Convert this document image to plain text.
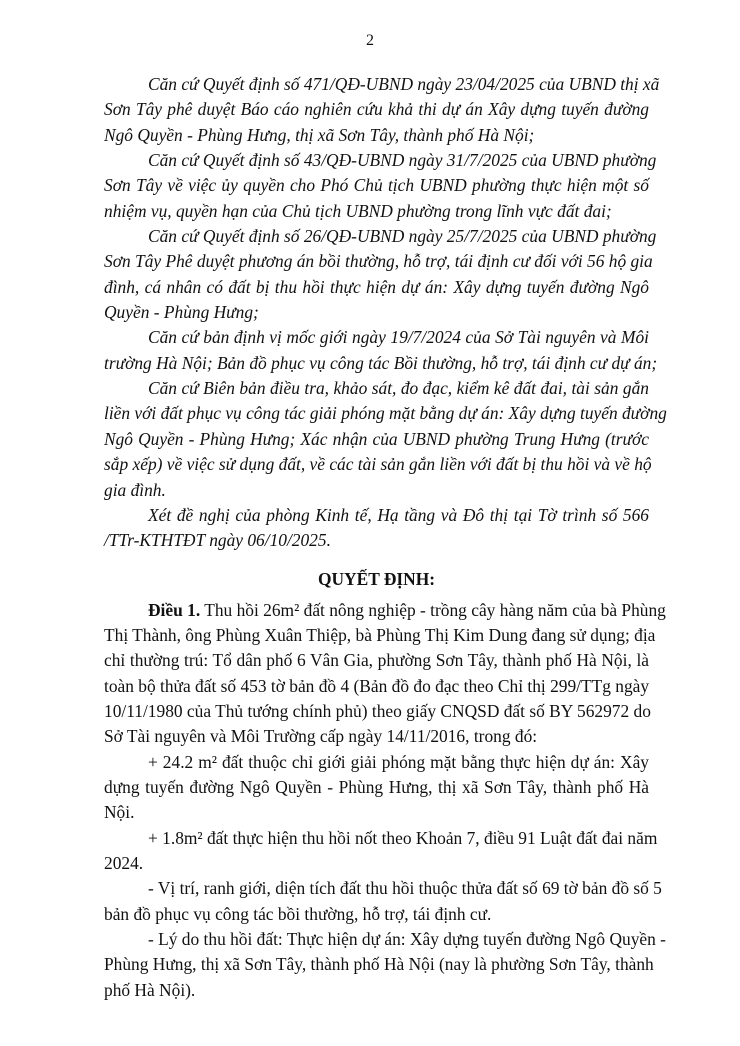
2
Căn cứ Quyết định số 471/QĐ-UBND ngày 23/04/2025 của UBND thị xã
Sơn Tây phê duyệt Báo cáo nghiên cứu khả thi dự án Xây dựng tuyến đường
Ngô Quyền - Phùng Hưng, thị xã Sơn Tây, thành phố Hà Nội;
Căn cứ Quyết định số 43/QĐ-UBND ngày 31/7/2025 của UBND phường
Sơn Tây về việc ủy quyền cho Phó Chủ tịch UBND phường thực hiện một số
nhiệm vụ, quyền hạn của Chủ tịch UBND phường trong lĩnh vực đất đai;
Căn cứ Quyết định số 26/QĐ-UBND ngày 25/7/2025 của UBND phường
Sơn Tây Phê duyệt phương án bồi thường, hỗ trợ, tái định cư đối với 56 hộ gia
đình, cá nhân có đất bị thu hồi thực hiện dự án: Xây dựng tuyến đường Ngô
Quyền - Phùng Hưng;
Căn cứ bản định vị mốc giới ngày 19/7/2024 của Sở Tài nguyên và Môi
trường Hà Nội; Bản đồ phục vụ công tác Bồi thường, hỗ trợ, tái định cư dự án;
Căn cứ Biên bản điều tra, khảo sát, đo đạc, kiểm kê đất đai, tài sản gắn
liền với đất phục vụ công tác giải phóng mặt bằng dự án: Xây dựng tuyến đường
Ngô Quyền - Phùng Hưng; Xác nhận của UBND phường Trung Hưng (trước
sắp xếp) về việc sử dụng đất, về các tài sản gắn liền với đất bị thu hồi và về hộ
gia đình.
Xét đề nghị của phòng Kinh tế, Hạ tầng và Đô thị tại Tờ trình số 566
/TTr-KTHTĐT ngày 06/10/2025.
QUYẾT ĐỊNH:
Điều 1. Thu hồi 26m² đất nông nghiệp - trồng cây hàng năm của bà Phùng
Thị Thành, ông Phùng Xuân Thiệp, bà Phùng Thị Kim Dung đang sử dụng; địa
chỉ thường trú: Tổ dân phố 6 Vân Gia, phường Sơn Tây, thành phố Hà Nội, là
toàn bộ thửa đất số 453 tờ bản đồ 4 (Bản đồ đo đạc theo Chỉ thị 299/TTg ngày
10/11/1980 của Thủ tướng chính phủ) theo giấy CNQSD đất số BY 562972 do
Sở Tài nguyên và Môi Trường cấp ngày 14/11/2016, trong đó:
+ 24.2 m² đất thuộc chỉ giới giải phóng mặt bằng thực hiện dự án: Xây
dựng tuyến đường Ngô Quyền - Phùng Hưng, thị xã Sơn Tây, thành phố Hà
Nội.
+ 1.8m² đất thực hiện thu hồi nốt theo Khoản 7, điều 91 Luật đất đai năm
2024.
- Vị trí, ranh giới, diện tích đất thu hồi thuộc thửa đất số 69 tờ bản đồ số 5
bản đồ phục vụ công tác bồi thường, hỗ trợ, tái định cư.
- Lý do thu hồi đất: Thực hiện dự án: Xây dựng tuyến đường Ngô Quyền -
Phùng Hưng, thị xã Sơn Tây, thành phố Hà Nội (nay là phường Sơn Tây, thành
phố Hà Nội).
